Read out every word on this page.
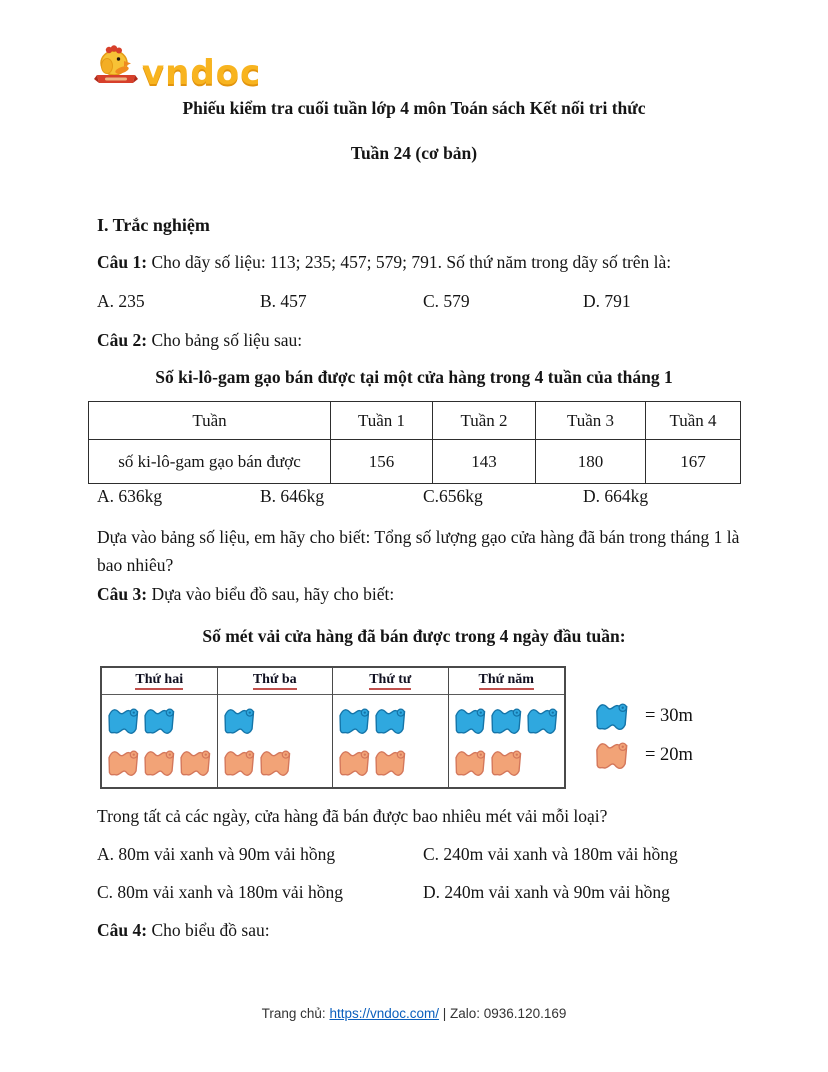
vndoc
Phiếu kiểm tra cuối tuần lớp 4 môn Toán sách Kết nối tri thức
Tuần 24 (cơ bản)
I. Trắc nghiệm
Câu 1: Cho dãy số liệu: 113; 235; 457; 579; 791. Số thứ năm trong dãy số trên là:
A. 235	B. 457	C. 579	D. 791
Câu 2: Cho bảng số liệu sau:
Số ki-lô-gam gạo bán được tại một cửa hàng trong 4 tuần của tháng 1
Tuần	Tuần 1	Tuần 2	Tuần 3	Tuần 4
số ki-lô-gam gạo bán được	156	143	180	167
A. 636kg	B. 646kg	C.656kg	D. 664kg
Dựa vào bảng số liệu, em hãy cho biết: Tổng số lượng gạo cửa hàng đã bán trong tháng 1 là bao nhiêu?
Câu 3: Dựa vào biểu đồ sau, hãy cho biết:
Số mét vải cửa hàng đã bán được trong 4 ngày đầu tuần:
Thứ hai	Thứ ba	Thứ tư	Thứ năm
= 30m
= 20m
Trong tất cả các ngày, cửa hàng đã bán được bao nhiêu mét vải mỗi loại?
A. 80m vải xanh và 90m vải hồng	C. 240m vải xanh và 180m vải hồng
C. 80m vải xanh và 180m vải hồng	D. 240m vải xanh và 90m vải hồng
Câu 4: Cho biểu đồ sau:
Trang chủ: https://vndoc.com/ | Zalo: 0936.120.169
